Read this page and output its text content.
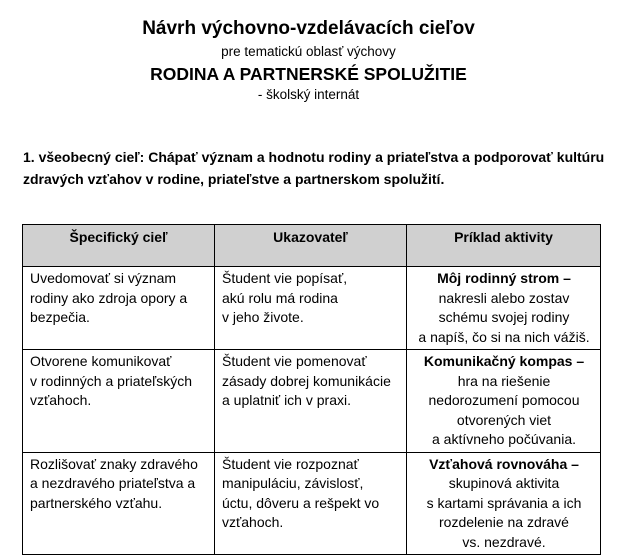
Návrh výchovno-vzdelávacích cieľov
pre tematickú oblasť výchovy
RODINA A PARTNERSKÉ SPOLUŽITIE
- školský internát
1. všeobecný cieľ: Chápať význam a hodnotu rodiny a priateľstva a podporovať kultúru
zdravých vzťahov v rodine, priateľstve a partnerskom spolužití.
Špecifický cieľ	Ukazovateľ	Príklad aktivity

Uvedomovať si význam
rodiny ako zdroja opory a
bezpečia.	Študent vie popísať,
akú rolu má rodina
v jeho živote.	Môj rodinný strom –
nakresli alebo zostav
schému svojej rodiny
a napíš, čo si na nich vážiš.

Otvorene komunikovať
v rodinných a priateľských
vzťahoch.	Študent vie pomenovať
zásady dobrej komunikácie
a uplatniť ich v praxi.	Komunikačný kompas –
hra na riešenie
nedorozumení pomocou
otvorených viet
a aktívneho počúvania.

Rozlišovať znaky zdravého
a nezdravého priateľstva a
partnerského vzťahu.	Študent vie rozpoznať
manipuláciu, závislosť,
úctu, dôveru a rešpekt vo
vzťahoch.	Vzťahová rovnováha –
skupinová aktivita
s kartami správania a ich
rozdelenie na zdravé
vs. nezdravé.
